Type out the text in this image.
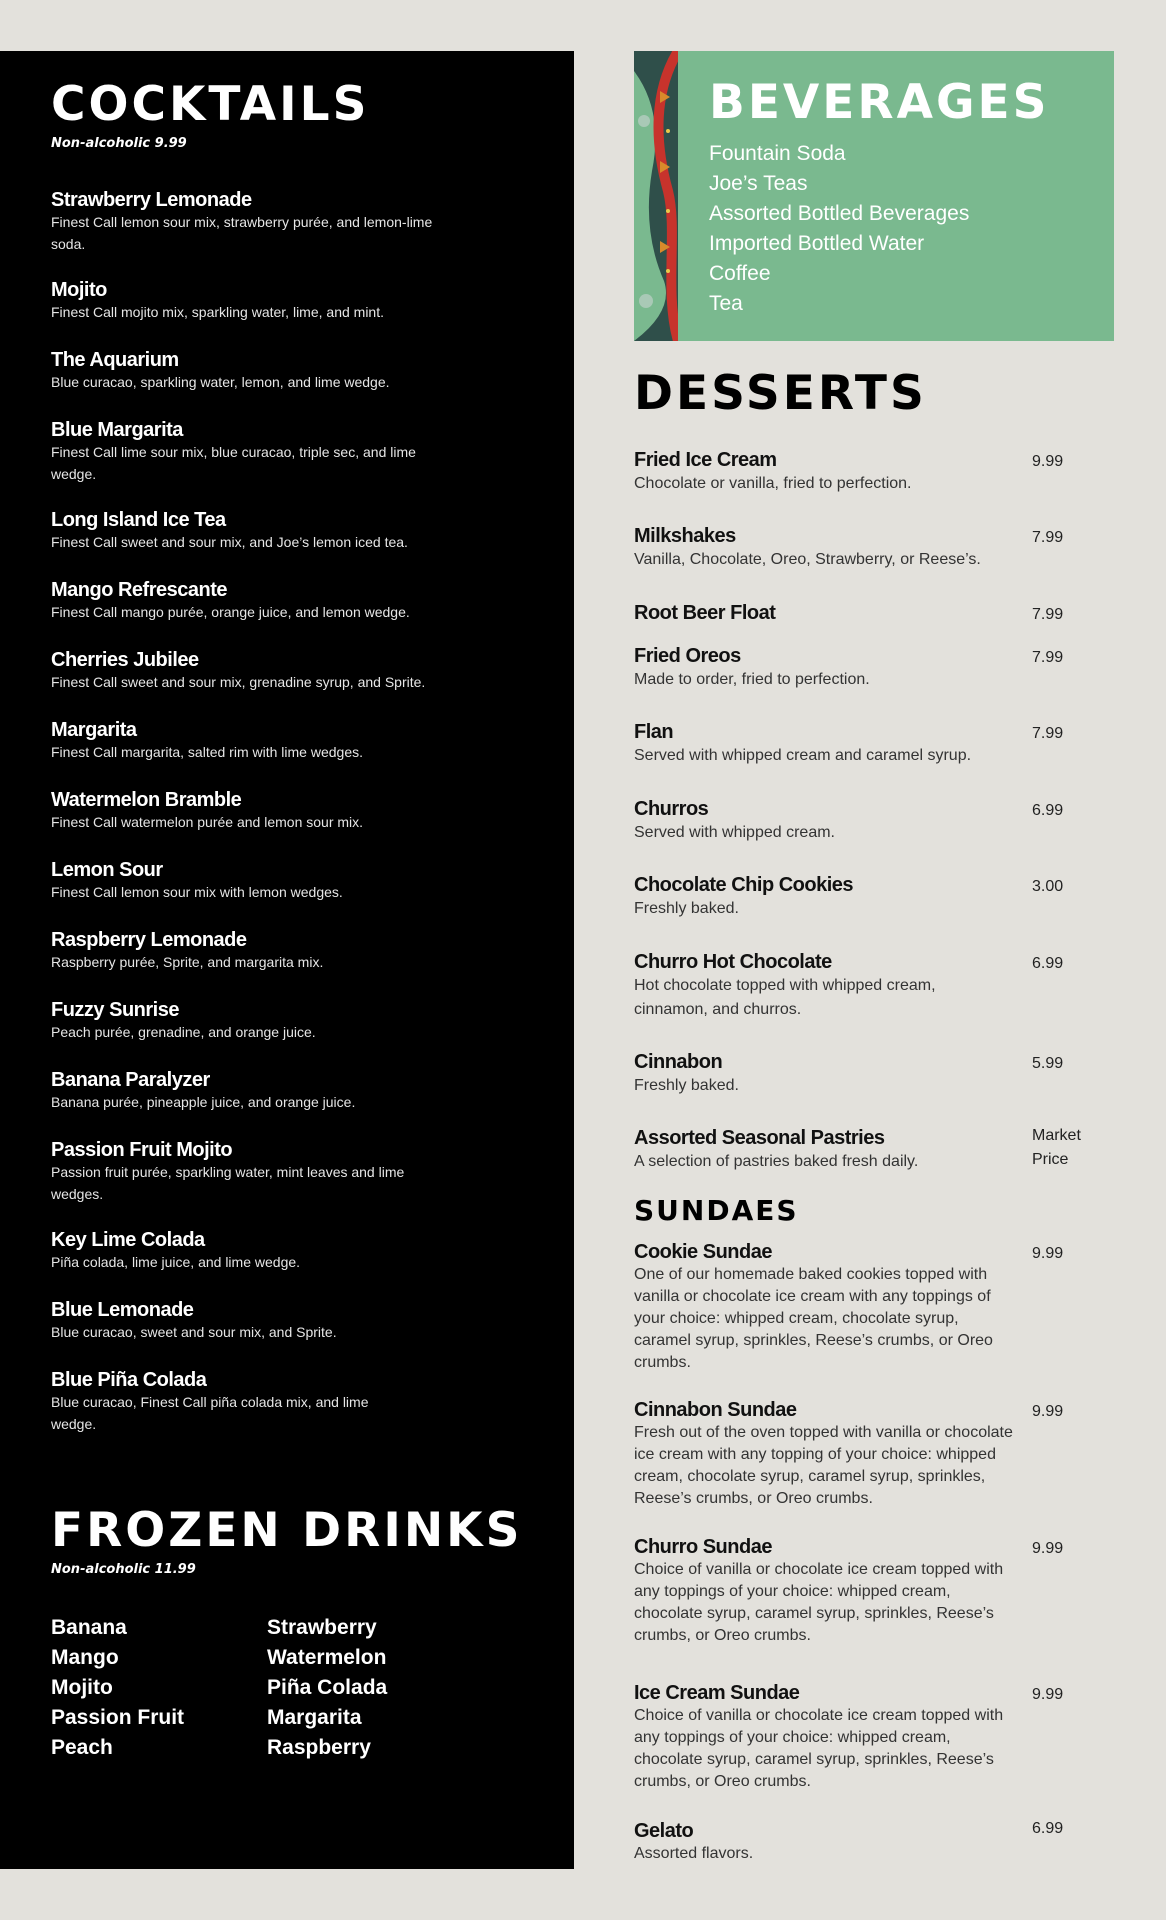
COCKTAILS
Non-alcoholic 9.99
Strawberry Lemonade
Finest Call lemon sour mix, strawberry purée, and lemon-lime soda.
Mojito
Finest Call mojito mix, sparkling water, lime, and mint.
The Aquarium
Blue curacao, sparkling water, lemon, and lime wedge.
Blue Margarita
Finest Call lime sour mix, blue curacao, triple sec, and lime wedge.
Long Island Ice Tea
Finest Call sweet and sour mix, and Joe’s lemon iced tea.
Mango Refrescante
Finest Call mango purée, orange juice, and lemon wedge.
Cherries Jubilee
Finest Call sweet and sour mix, grenadine syrup, and Sprite.
Margarita
Finest Call margarita, salted rim with lime wedges.
Watermelon Bramble
Finest Call watermelon purée and lemon sour mix.
Lemon Sour
Finest Call lemon sour mix with lemon wedges.
Raspberry Lemonade
Raspberry purée, Sprite, and margarita mix.
Fuzzy Sunrise
Peach purée, grenadine, and orange juice.
Banana Paralyzer
Banana purée, pineapple juice, and orange juice.
Passion Fruit Mojito
Passion fruit purée, sparkling water, mint leaves and lime wedges.
Key Lime Colada
Piña colada, lime juice, and lime wedge.
Blue Lemonade
Blue curacao, sweet and sour mix, and Sprite.
Blue Piña Colada
Blue curacao, Finest Call piña colada mix, and lime wedge.
FROZEN DRINKS
Non-alcoholic 11.99
Banana
Mango
Mojito
Passion Fruit
Peach
Strawberry
Watermelon
Piña Colada
Margarita
Raspberry
BEVERAGES
Fountain Soda
Joe’s Teas
Assorted Bottled Beverages
Imported Bottled Water
Coffee
Tea
DESSERTS
Fried Ice Cream
Chocolate or vanilla, fried to perfection.
9.99
Milkshakes
Vanilla, Chocolate, Oreo, Strawberry, or Reese’s.
7.99
Root Beer Float	7.99
Fried Oreos
Made to order, fried to perfection.
7.99
Flan
Served with whipped cream and caramel syrup.
7.99
Churros
Served with whipped cream.
6.99
Chocolate Chip Cookies
Freshly baked.
3.00
Churro Hot Chocolate
Hot chocolate topped with whipped cream, cinnamon, and churros.
6.99
Cinnabon
Freshly baked.
5.99
Assorted Seasonal Pastries
A selection of pastries baked fresh daily.
Market Price
SUNDAES
Cookie Sundae
One of our homemade baked cookies topped with vanilla or chocolate ice cream with any toppings of your choice: whipped cream, chocolate syrup, caramel syrup, sprinkles, Reese’s crumbs, or Oreo crumbs.
9.99
Cinnabon Sundae
Fresh out of the oven topped with vanilla or chocolate ice cream with any topping of your choice: whipped cream, chocolate syrup, caramel syrup, sprinkles, Reese’s crumbs, or Oreo crumbs.
9.99
Churro Sundae
Choice of vanilla or chocolate ice cream topped with any toppings of your choice: whipped cream, chocolate syrup, caramel syrup, sprinkles, Reese’s crumbs, or Oreo crumbs.
9.99
Ice Cream Sundae
Choice of vanilla or chocolate ice cream topped with any toppings of your choice: whipped cream, chocolate syrup, caramel syrup, sprinkles, Reese’s crumbs, or Oreo crumbs.
9.99
Gelato
Assorted flavors.
6.99
